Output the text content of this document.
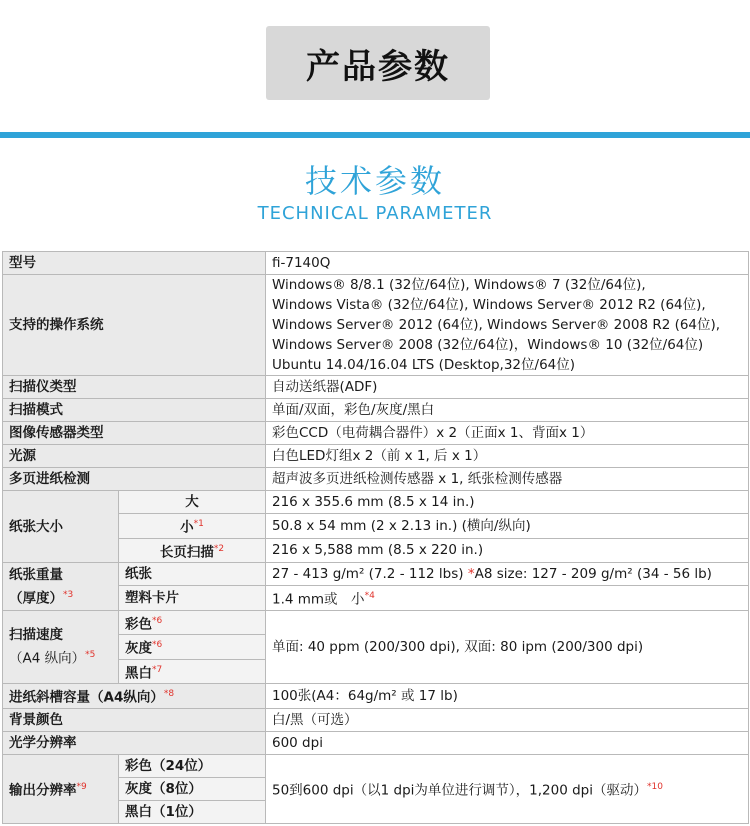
产品参数
技术参数
TECHNICAL PARAMETER
型号		fi-7140Q
支持的操作系统		Windows® 8/8.1 (32位/64位), Windows® 7 (32位/64位),
Windows Vista® (32位/64位), Windows Server® 2012 R2 (64位),
Windows Server® 2012 (64位), Windows Server® 2008 R2 (64位),
Windows Server® 2008 (32位/64位)，Windows® 10 (32位/64位)
Ubuntu 14.04/16.04 LTS (Desktop,32位/64位)

扫描仪类型		自动送纸器(ADF)
扫描模式		单面/双面，彩色/灰度/黑白
图像传感器类型		彩色CCD（电荷耦合器件）x 2（正面x 1、背面x 1）
光源		白色LED灯组x 2（前 x 1, 后 x 1）
多页进纸检测		超声波多页进纸检测传感器 x 1, 纸张检测传感器
纸张大小	大	216 x 355.6 mm (8.5 x 14 in.)
	小$^{*1}$	50.8 x 54 mm (2 x 2.13 in.) (横向/纵向)
	长页扫描$^{*2}$	216 x 5,588 mm (8.5 x 220 in.)

纸张重量
（厚度）$^{*3}$	纸张	27 - 413 g/m² (7.2 - 112 lbs) *A8 size: 127 - 209 g/m² (34 - 56 lb)
	塑料卡片	1.4 mm或　小$^{*4}$

扫描速度
（A4 纵向）$^{*5}$	彩色$^{*6}$	单面: 40 ppm (200/300 dpi), 双面: 80 ipm (200/300 dpi)
	灰度$^{*6}$
	黑白$^{*7}$
进纸斜槽容量（A4纵向）$^{*8}$		100张(A4：64g/m² 或 17 lb)
背景颜色		白/黑（可选）
光学分辨率		600 dpi
输出分辨率$^{*9}$	彩色（24位）	50到600 dpi（以1 dpi为单位进行调节），1,200 dpi（驱动）$^{*10}$
	灰度（8位）	
	黑白（1位）	
